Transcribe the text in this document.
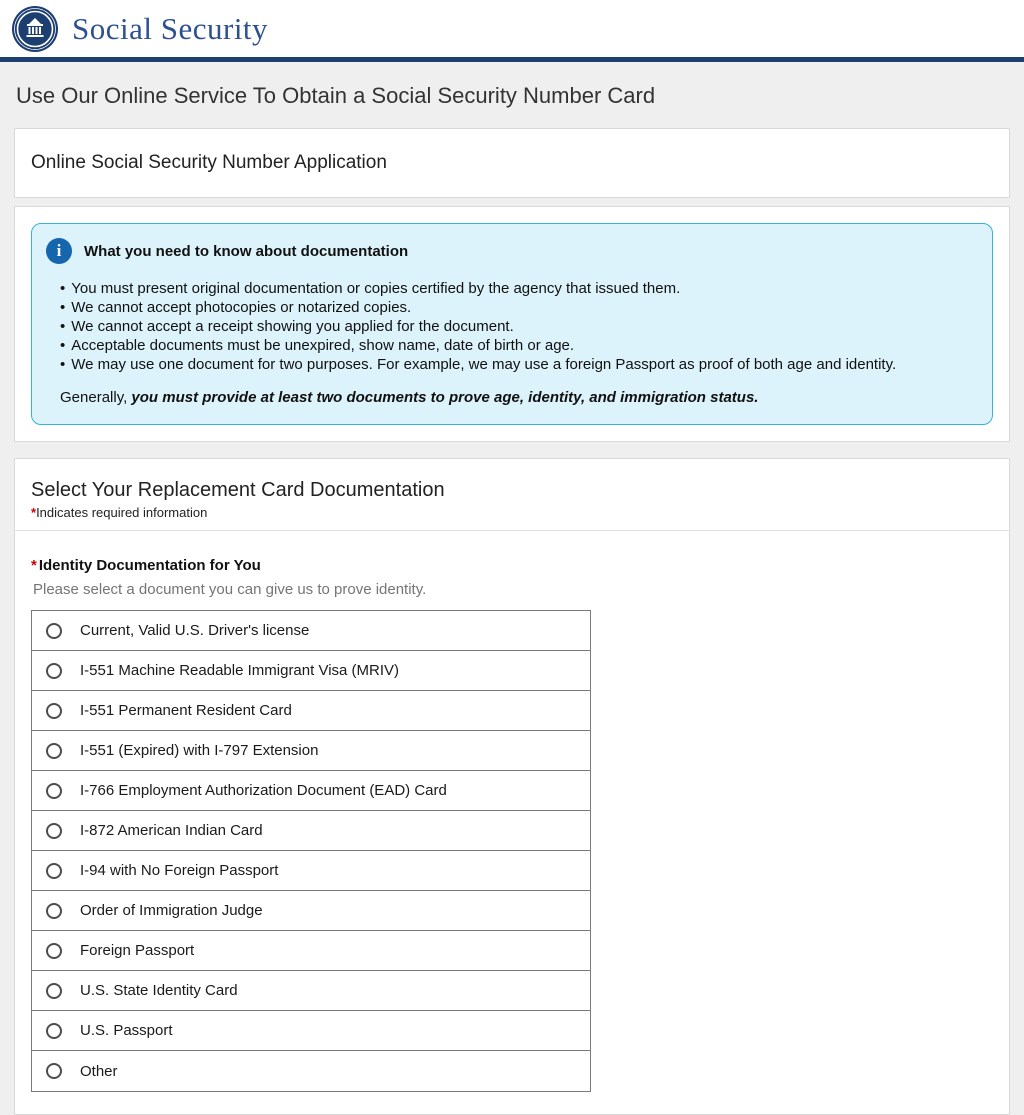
Social Security
Use Our Online Service To Obtain a Social Security Number Card
Online Social Security Number Application
i	What you need to know about documentation
• You must present original documentation or copies certified by the agency that issued them.
• We cannot accept photocopies or notarized copies.
• We cannot accept a receipt showing you applied for the document.
• Acceptable documents must be unexpired, show name, date of birth or age.
• We may use one document for two purposes. For example, we may use a foreign Passport as proof of both age and identity.

Generally, you must provide at least two documents to prove age, identity, and immigration status.

Select Your Replacement Card Documentation
*Indicates required information
* Identity Documentation for You
Please select a document you can give us to prove identity.
Current, Valid U.S. Driver's license
I-551 Machine Readable Immigrant Visa (MRIV)
I-551 Permanent Resident Card
I-551 (Expired) with I-797 Extension
I-766 Employment Authorization Document (EAD) Card
I-872 American Indian Card
I-94 with No Foreign Passport
Order of Immigration Judge
Foreign Passport
U.S. State Identity Card
U.S. Passport
Other
